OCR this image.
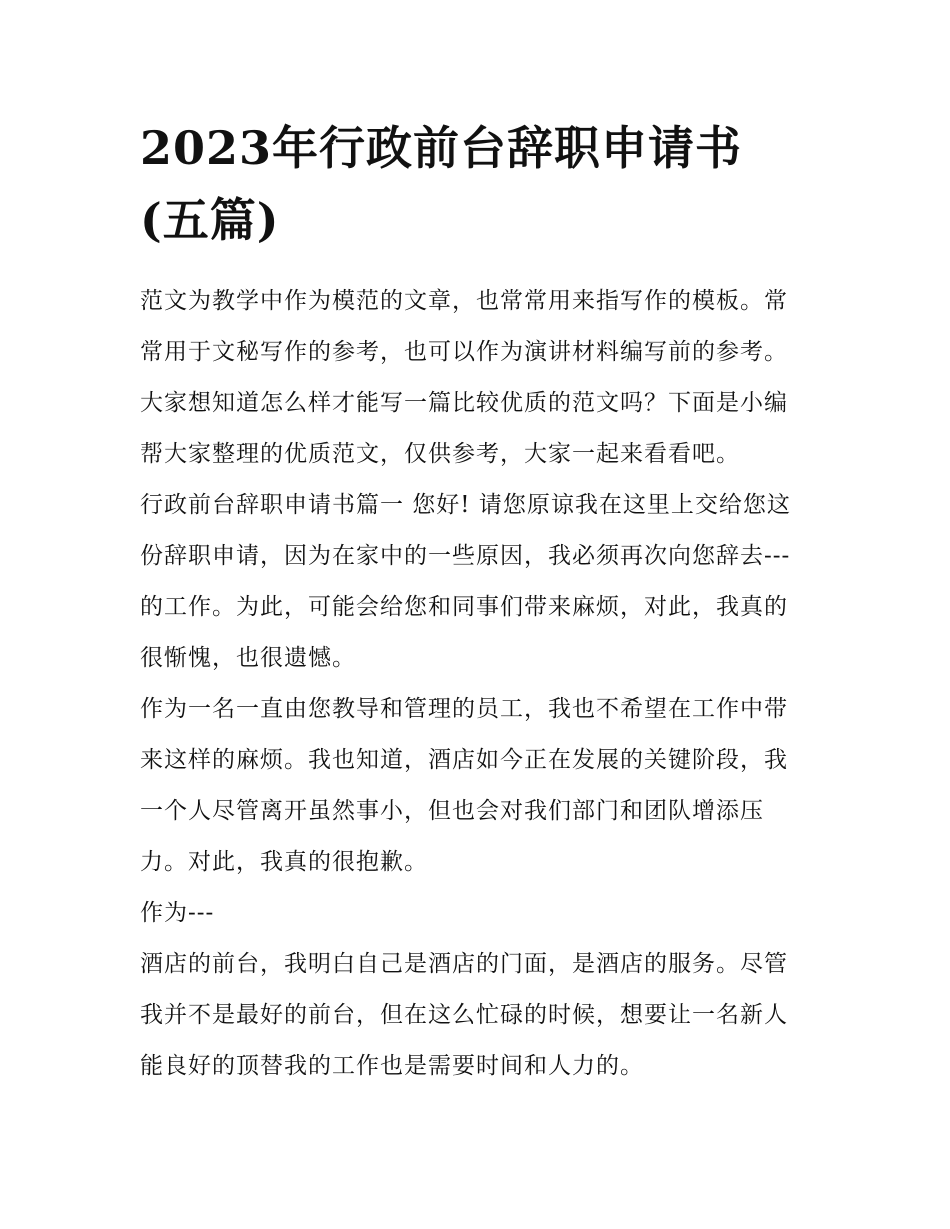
2023年行政前台辞职申请书
(五篇)
范文为教学中作为模范的文章，也常常用来指写作的模板。常
常用于文秘写作的参考，也可以作为演讲材料编写前的参考。
大家想知道怎么样才能写一篇比较优质的范文吗？下面是小编
帮大家整理的优质范文，仅供参考，大家一起来看看吧。
行政前台辞职申请书篇一 您好! 请您原谅我在这里上交给您这
份辞职申请，因为在家中的一些原因，我必须再次向您辞去---
的工作。为此，可能会给您和同事们带来麻烦，对此，我真的
很惭愧，也很遗憾。
作为一名一直由您教导和管理的员工，我也不希望在工作中带
来这样的麻烦。我也知道，酒店如今正在发展的关键阶段，我
一个人尽管离开虽然事小，但也会对我们部门和团队增添压
力。对此，我真的很抱歉。
作为---
酒店的前台，我明白自己是酒店的门面，是酒店的服务。尽管
我并不是最好的前台，但在这么忙碌的时候，想要让一名新人
能良好的顶替我的工作也是需要时间和人力的。
